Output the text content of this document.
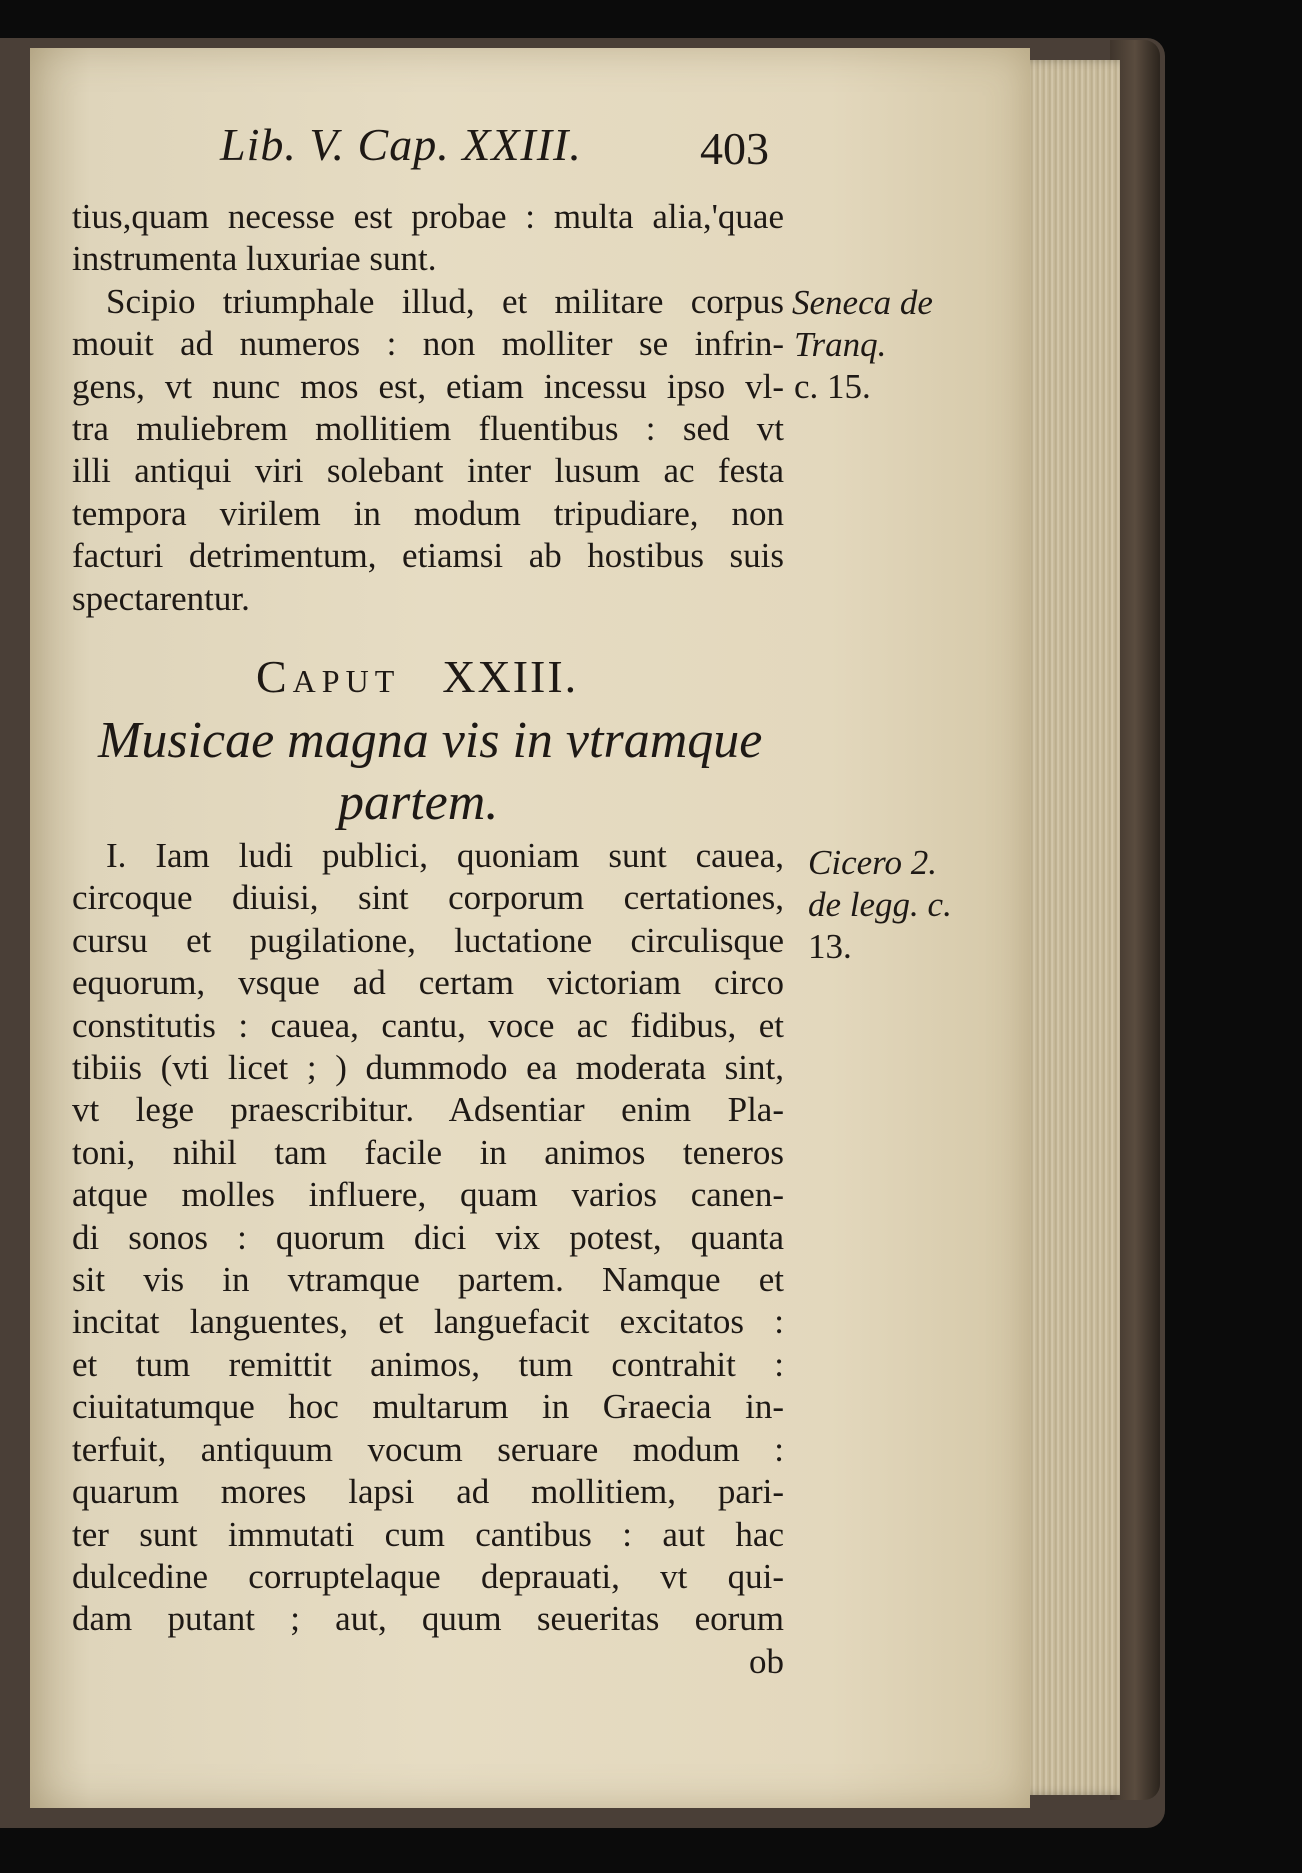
Lib. V. Cap. XXIII.	403
tius,quam necesse est probae : multa alia,'quae
instrumenta luxuriae sunt.
Scipio triumphale illud, et militare corpus
mouit ad numeros : non molliter se infrin-
gens, vt nunc mos est, etiam incessu ipso vl-
tra muliebrem mollitiem fluentibus : sed vt
illi antiqui viri solebant inter lusum ac festa
tempora virilem in modum tripudiare, non
facturi detrimentum, etiamsi ab hostibus suis
spectarentur.
Caput XXIII.
Musicae magna vis in vtramque
partem.
I. Iam ludi publici, quoniam sunt cauea,
circoque diuisi, sint corporum certationes,
cursu et pugilatione, luctatione circulisque
equorum, vsque ad certam victoriam circo
constitutis : cauea, cantu, voce ac fidibus, et
tibiis (vti licet ; ) dummodo ea moderata sint,
vt lege praescribitur. Adsentiar enim Pla-
toni, nihil tam facile in animos teneros
atque molles influere, quam varios canen-
di sonos : quorum dici vix potest, quanta
sit vis in vtramque partem. Namque et
incitat languentes, et languefacit excitatos :
et tum remittit animos, tum contrahit :
ciuitatumque hoc multarum in Graecia in-
terfuit, antiquum vocum seruare modum :
quarum mores lapsi ad mollitiem, pari-
ter sunt immutati cum cantibus : aut hac
dulcedine corruptelaque deprauati, vt qui-
dam putant ; aut, quum seueritas eorum
ob
Seneca de
Tranq.
c. 15.
Cicero 2.
de legg. c.
13.
